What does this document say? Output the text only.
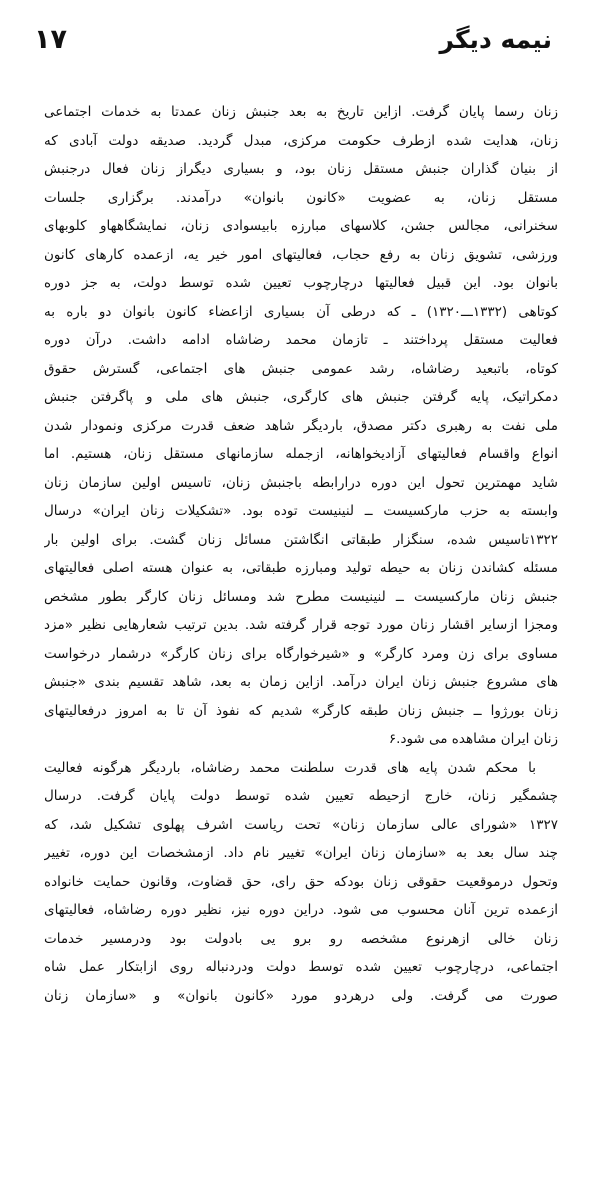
نیمه دیگر
۱۷
زنان رسما پایان گرفت. ازاین تاریخ به بعد جنبش زنان عمدتا به خدمات اجتماعی
زنان، هدایت شده ازطرف حکومت مرکزی، مبدل گردید. صدیقه دولت آبادی که
از بنیان گذاران جنبش مستقل زنان بود، و بسیاری دیگراز زنان فعال درجنبش
مستقل زنان، به عضویت «کانون بانوان» درآمدند. برگزاری جلسات
سخنرانی، مجالس جشن، کلاسهای مبارزه بابیسوادی زنان، نمایشگاههاو کلوبهای
ورزشی، تشویق زنان به رفع حجاب، فعالیتهای امور خیر یه، ازعمده کارهای کانون
بانوان بود. این قبیل فعالیتها درچارچوب تعیین شده توسط دولت، به جز دوره
کوتاهی (۱۳۳۲ـــ۱۳۲۰) ـ که درطی آن بسیاری ازاعضاء کانون بانوان دو باره به
فعالیت مستقل پرداختند ـ تازمان محمد رضاشاه ادامه داشت. درآن دوره
کوتاه، باتبعید رضاشاه، رشد عمومی جنبش های اجتماعی، گسترش حقوق
دمکراتیک، پایه گرفتن جنبش های کارگری، جنبش های ملی و پاگرفتن جنبش
ملی نفت به رهبری دکتر مصدق، باردیگر شاهد ضعف قدرت مرکزی ونمودار شدن
انواع واقسام فعالیتهای آزادیخواهانه، ازجمله سازمانهای مستقل زنان، هستیم. اما
شاید مهمترین تحول این دوره درارابطه باجنبش زنان، تاسیس اولین سازمان زنان
وابسته به حزب مارکسیست ــ لنینیست توده بود. «تشکیلات زنان ایران» درسال
۱۳۲۲تاسیس شده، سنگزار طبقاتی انگاشتن مسائل زنان گشت. برای اولین بار
مسئله کشاندن زنان به حیطه تولید ومبارزه طبقاتی، به عنوان هسته اصلی فعالیتهای
جنبش زنان مارکسیست ــ لنینیست مطرح شد ومسائل زنان کارگر بطور مشخص
ومجزا ازسایر اقشار زنان مورد توجه قرار گرفته شد. بدین ترتیب شعارهایی نظیر «مزد
مساوی برای زن ومرد کارگر» و «شیرخوارگاه برای زنان کارگر» درشمار درخواست
های مشروع جنبش زنان ایران درآمد. ازاین زمان به بعد، شاهد تقسیم بندی «جنبش
زنان بورژوا ــ جنبش زنان طبقه کارگر» شدیم که نفوذ آن تا به امروز درفعالیتهای
زنان ایران مشاهده می شود.۶
با محکم شدن پایه های قدرت سلطنت محمد رضاشاه، باردیگر هرگونه فعالیت
چشمگیر زنان، خارج ازحیطه تعیین شده توسط دولت پایان گرفت. درسال
۱۳۲۷ «شورای عالی سازمان زنان» تحت ریاست اشرف پهلوی تشکیل شد، که
چند سال بعد به «سازمان زنان ایران» تغییر نام داد. ازمشخصات این دوره، تغییر
وتحول درموقعیت حقوقی زنان بودکه حق رای، حق قضاوت، وقانون حمایت خانواده
ازعمده ترین آنان محسوب می شود. دراین دوره نیز، نظیر دوره رضاشاه، فعالیتهای
زنان خالی ازهرنوع مشخصه رو برو یی بادولت بود ودرمسیر خدمات
اجتماعی، درچارچوب تعیین شده توسط دولت ودردنباله روی ازابتکار عمل شاه
صورت می گرفت. ولی درهردو مورد «کانون بانوان» و «سازمان زنان
